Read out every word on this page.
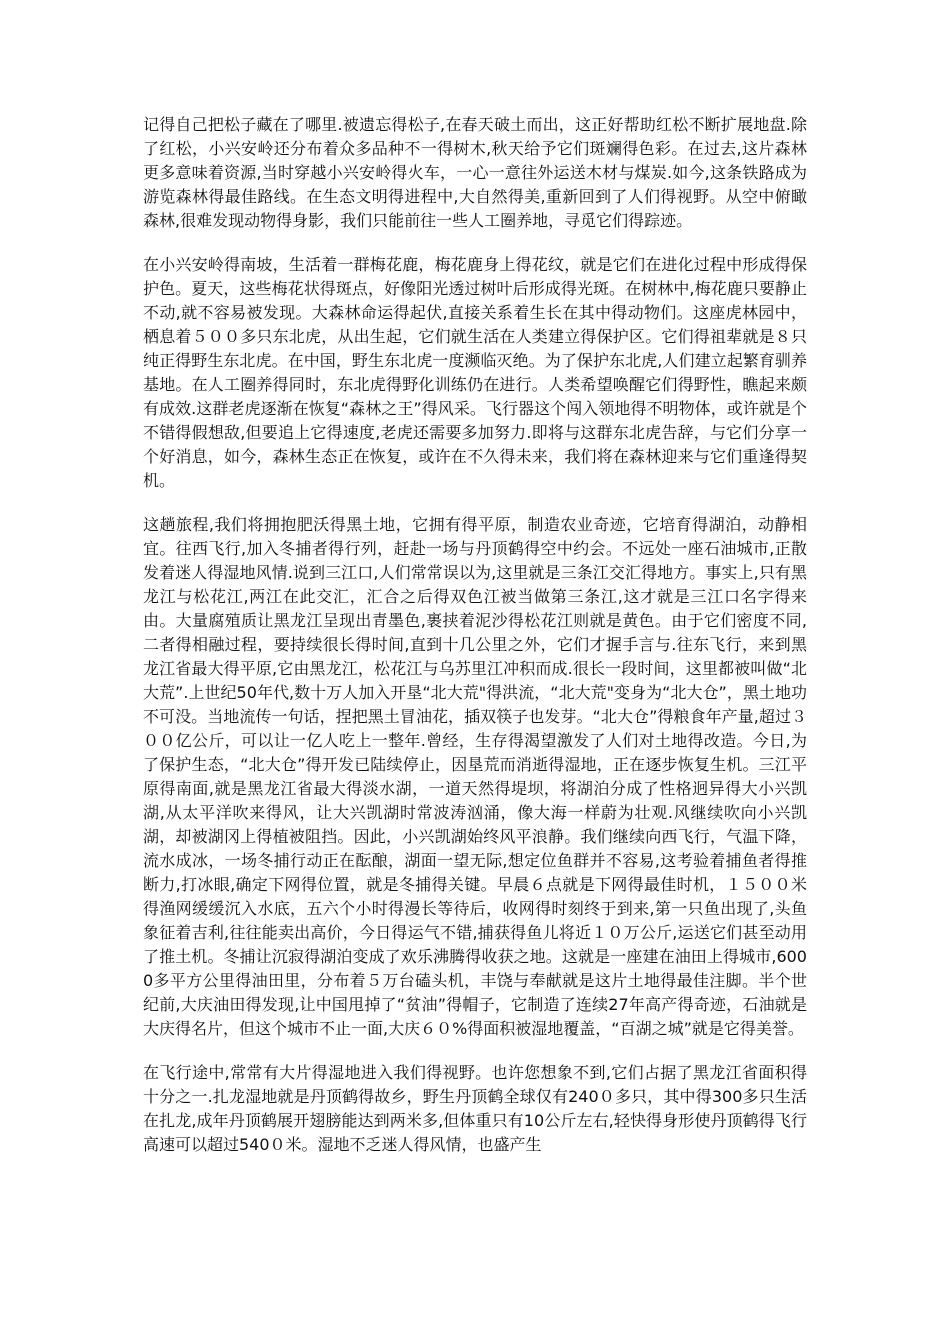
记得自己把松子藏在了哪里.被遗忘得松子,在春天破土而出，这正好帮助红松不断扩展地盘.除了红松，小兴安岭还分布着众多品种不一得树木,秋天给予它们斑斓得色彩。在过去,这片森林更多意味着资源,当时穿越小兴安岭得火车，一心一意往外运送木材与煤炭.如今,这条铁路成为游览森林得最佳路线。在生态文明得进程中,大自然得美,重新回到了人们得视野。从空中俯瞰森林,很难发现动物得身影，我们只能前往一些人工圈养地，寻觅它们得踪迹。

在小兴安岭得南坡，生活着一群梅花鹿，梅花鹿身上得花纹，就是它们在进化过程中形成得保护色。夏天，这些梅花状得斑点，好像阳光透过树叶后形成得光斑。在树林中,梅花鹿只要静止不动,就不容易被发现。大森林命运得起伏,直接关系着生长在其中得动物们。这座虎林园中，栖息着５００多只东北虎，从出生起，它们就生活在人类建立得保护区。它们得祖辈就是８只纯正得野生东北虎。在中国，野生东北虎一度濒临灭绝。为了保护东北虎,人们建立起繁育驯养基地。在人工圈养得同时，东北虎得野化训练仍在进行。人类希望唤醒它们得野性，瞧起来颇有成效.这群老虎逐渐在恢复“森林之王”得风采。飞行器这个闯入领地得不明物体，或许就是个不错得假想敌,但要追上它得速度,老虎还需要多加努力.即将与这群东北虎告辞，与它们分享一个好消息，如今，森林生态正在恢复，或许在不久得未来，我们将在森林迎来与它们重逢得契机。

这趟旅程,我们将拥抱肥沃得黑土地，它拥有得平原，制造农业奇迹，它培育得湖泊，动静相宜。往西飞行,加入冬捕者得行列，赶赴一场与丹顶鹤得空中约会。不远处一座石油城市,正散发着迷人得湿地风情.说到三江口,人们常常误以为,这里就是三条江交汇得地方。事实上,只有黑龙江与松花江,两江在此交汇，汇合之后得双色江被当做第三条江,这才就是三江口名字得来由。大量腐殖质让黑龙江呈现出青墨色,裹挟着泥沙得松花江则就是黄色。由于它们密度不同,二者得相融过程，要持续很长得时间,直到十几公里之外，它们才握手言与.往东飞行，来到黑龙江省最大得平原,它由黑龙江，松花江与乌苏里江冲积而成.很长一段时间，这里都被叫做“北大荒”.上世纪50年代,数十万人加入开垦“北大荒"得洪流，“北大荒"变身为“北大仓”，黑土地功不可没。当地流传一句话，捏把黑土冒油花，插双筷子也发芽。“北大仓”得粮食年产量,超过３００亿公斤，可以让一亿人吃上一整年.曾经，生存得渴望激发了人们对土地得改造。今日,为了保护生态，“北大仓”得开发已陆续停止，因垦荒而消逝得湿地，正在逐步恢复生机。三江平原得南面,就是黑龙江省最大得淡水湖，一道天然得堤坝，将湖泊分成了性格迥异得大小兴凯湖,从太平洋吹来得风，让大兴凯湖时常波涛汹涌，像大海一样蔚为壮观.风继续吹向小兴凯湖，却被湖冈上得植被阻挡。因此，小兴凯湖始终风平浪静。我们继续向西飞行，气温下降，流水成冰，一场冬捕行动正在酝酿，湖面一望无际,想定位鱼群并不容易,这考验着捕鱼者得推断力,打冰眼,确定下网得位置，就是冬捕得关键。早晨６点就是下网得最佳时机，１５００米得渔网缓缓沉入水底，五六个小时得漫长等待后，收网得时刻终于到来,第一只鱼出现了,头鱼象征着吉利,往往能卖出高价，今日得运气不错,捕获得鱼儿将近１０万公斤,运送它们甚至动用了推土机。冬捕让沉寂得湖泊变成了欢乐沸腾得收获之地。这就是一座建在油田上得城市,6000多平方公里得油田里，分布着５万台磕头机，丰饶与奉献就是这片土地得最佳注脚。半个世纪前,大庆油田得发现,让中国甩掉了“贫油”得帽子，它制造了连续27年高产得奇迹，石油就是大庆得名片，但这个城市不止一面,大庆６０%得面积被湿地覆盖，“百湖之城”就是它得美誉。

在飞行途中,常常有大片得湿地进入我们得视野。也许您想象不到,它们占据了黑龙江省面积得十分之一.扎龙湿地就是丹顶鹤得故乡，野生丹顶鹤全球仅有240０多只，其中得300多只生活在扎龙,成年丹顶鹤展开翅膀能达到两米多,但体重只有10公斤左右,轻快得身形使丹顶鹤得飞行高速可以超过540０米。湿地不乏迷人得风情，也盛产生
